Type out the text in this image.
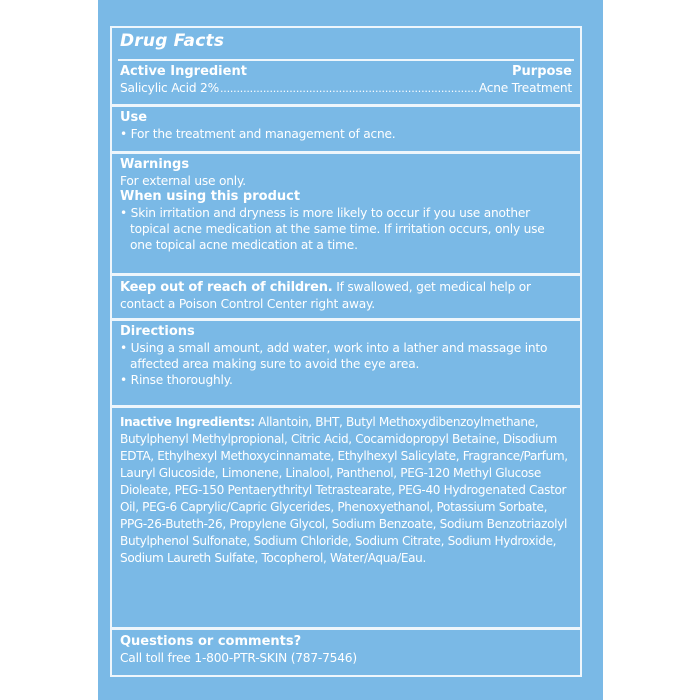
Drug Facts
Active Ingredient	Purpose
Salicylic Acid 2% .....	Acne Treatment
Use
• For the treatment and management of acne.
Warnings
For external use only.
When using this product
• Skin irritation and dryness is more likely to occur if you use another topical acne medication at the same time. If irritation occurs, only use one topical acne medication at a time.
Keep out of reach of children. If swallowed, get medical help or contact a Poison Control Center right away.
Directions
• Using a small amount, add water, work into a lather and massage into affected area making sure to avoid the eye area.
• Rinse thoroughly.
Inactive Ingredients: Allantoin, BHT, Butyl Methoxydibenzoylmethane, Butylphenyl Methylpropional, Citric Acid, Cocamidopropyl Betaine, Disodium EDTA, Ethylhexyl Methoxycinnamate, Ethylhexyl Salicylate, Fragrance/Parfum, Lauryl Glucoside, Limonene, Linalool, Panthenol, PEG-120 Methyl Glucose Dioleate, PEG-150 Pentaerythrityl Tetrastearate, PEG-40 Hydrogenated Castor Oil, PEG-6 Caprylic/Capric Glycerides, Phenoxyethanol, Potassium Sorbate, PPG-26-Buteth-26, Propylene Glycol, Sodium Benzoate, Sodium Benzotriazolyl Butylphenol Sulfonate, Sodium Chloride, Sodium Citrate, Sodium Hydroxide, Sodium Laureth Sulfate, Tocopherol, Water/Aqua/Eau.
Questions or comments?
Call toll free 1-800-PTR-SKIN (787-7546)
